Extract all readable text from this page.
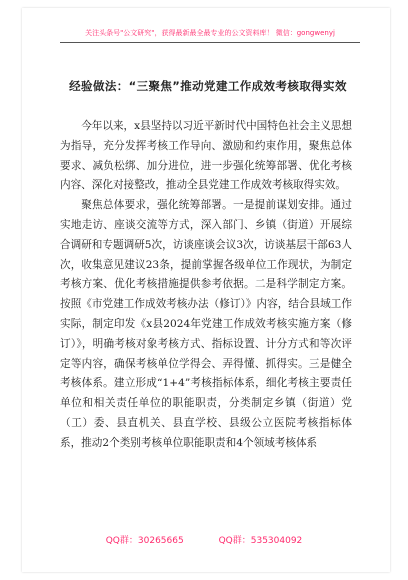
关注头条号"公文研究"，获得最新最全最专业的公文资料库！ 微信：gongwenyj
经验做法：“三聚焦”推动党建工作成效考核取得实效

今年以来，x县坚持以习近平新时代中国特色社会主义思想为指导，充分发挥考核工作导向、激励和约束作用，聚焦总体要求、减负松绑、加分进位，进一步强化统筹部署、优化考核内容、深化对接整改，推动全县党建工作成效考核取得实效。

聚焦总体要求，强化统筹部署。一是提前谋划安排。通过实地走访、座谈交流等方式，深入部门、乡镇（街道）开展综合调研和专题调研5次，访谈座谈会议3次，访谈基层干部63人次，收集意见建议23条，提前掌握各级单位工作现状，为制定考核方案、优化考核措施提供参考依据。二是科学制定方案。按照《市党建工作成效考核办法（修订）》内容，结合县域工作实际，制定印发《x县2024年党建工作成效考核实施方案（修订）》，明确考核对象考核方式、指标设置、计分方式和等次评定等内容，确保考核单位学得会、弄得懂、抓得实。三是健全考核体系。建立形成“1+4”考核指标体系，细化考核主要责任单位和相关责任单位的职能职责，分类制定乡镇（街道）党（工）委、县直机关、县直学校、县级公立医院考核指标体系，推动2个类别考核单位职能职责和4个领域考核体系

QQ群：30265665	QQ群：535304092
